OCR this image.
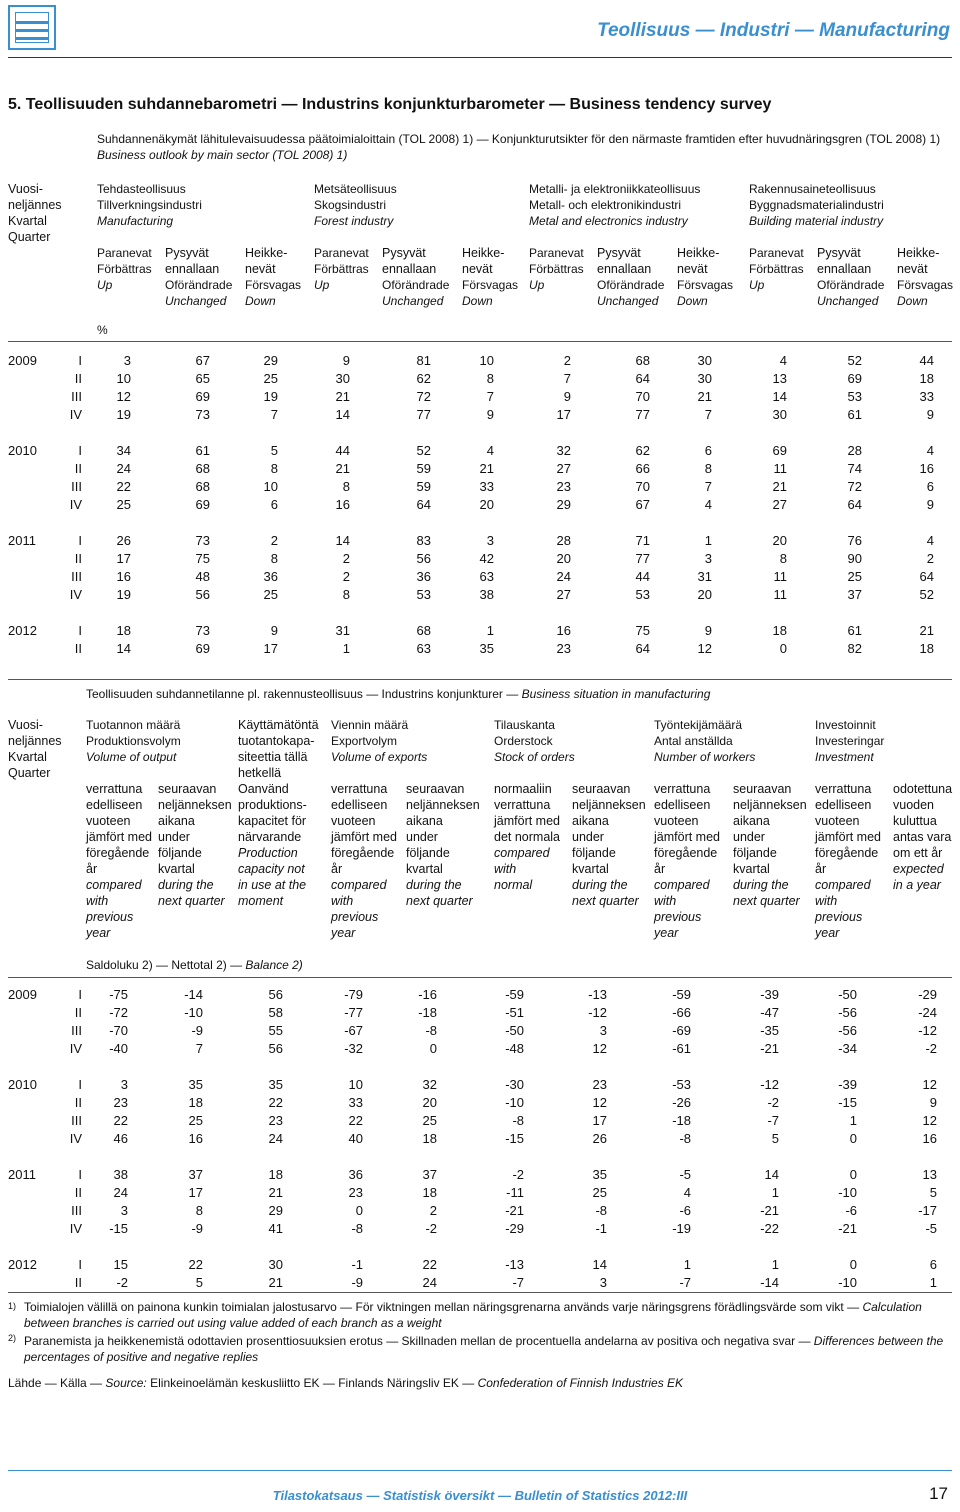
Teollisuus — Industri — Manufacturing
5. Teollisuuden suhdannebarometri — Industrins konjunkturbarometer — Business tendency survey
Suhdannenäkymät lähitulevaisuudessa päätoimialoittain (TOL 2008) 1) — Konjunkturutsikter för den närmaste framtiden efter huvudnäringsgren (TOL 2008) 1)
Business outlook by main sector (TOL 2008) 1)
Vuosi-
neljännes
Kvartal
Quarter
Tehdasteollisuus
Tillverkningsindustri
Manufacturing
Paranevat
Förbättras
Up
Pysyvät ennallaan
Oförändrade
Unchanged
Heikke-
nevät
Försvagas
Down
Metsäteollisuus
Skogsindustri
Forest industry
Paranevat
Förbättras
Up
Pysyvät ennallaan
Oförändrade
Unchanged
Heikke-
nevät
Försvagas
Down
Metalli- ja elektroniikkateollisuus
Metall- och elektronikindustri
Metal and electronics industry
Paranevat
Förbättras
Up
Pysyvät ennallaan
Oförändrade
Unchanged
Heikke-
nevät
Försvagas
Down
Rakennusaineteollisuus
Byggnadsmaterialindustri
Building material industry
Paranevat
Förbättras
Up
Pysyvät ennallaan
Oförändrade
Unchanged
Heikke-
nevät
Försvagas
Down
%
2009	I	3	67	29	9	81	10	2	68	30	4	52	44
II	10	65	25	30	62	8	7	64	30	13	69	18
III	12	69	19	21	72	7	9	70	21	14	53	33
IV	19	73	7	14	77	9	17	77	7	30	61	9
2010	I	34	61	5	44	52	4	32	62	6	69	28	4
II	24	68	8	21	59	21	27	66	8	11	74	16
III	22	68	10	8	59	33	23	70	7	21	72	6
IV	25	69	6	16	64	20	29	67	4	27	64	9
2011	I	26	73	2	14	83	3	28	71	1	20	76	4
II	17	75	8	2	56	42	20	77	3	8	90	2
III	16	48	36	2	36	63	24	44	31	11	25	64
IV	19	56	25	8	53	38	27	53	20	11	37	52
2012	I	18	73	9	31	68	1	16	75	9	18	61	21
II	14	69	17	1	63	35	23	64	12	0	82	18
Teollisuuden suhdannetilanne pl. rakennusteollisuus — Industrins konjunkturer — Business situation in manufacturing
Vuosi-
neljännes
Kvartal
Quarter
Tuotannon määrä
Produktionsvolym
Volume of output
Käyttämätöntä
tuotantokapa-
siteettia tällä
hetkellä
Oanvänd
produktions-
kapacitet för
närvarande
Production
capacity not
in use at the
moment
Viennin määrä
Exportvolym
Volume of exports
Tilauskanta
Orderstock
Stock of orders
Työntekijämäärä
Antal anställda
Number of workers
Investoinnit
Investeringar
Investment
verrattuna
edelliseen
vuoteen
jämfört med
föregående
år
compared
with
previous
year
seuraavan
neljänneksen
aikana
under
följande
kvartal
during the
next quarter
verrattuna
edelliseen
vuoteen
jämfört med
föregående
år
compared
with
previous
year
seuraavan
neljänneksen
aikana
under
följande
kvartal
during the
next quarter
normaaliin
verrattuna
jämfört med
det normala
compared
with
normal
seuraavan
neljänneksen
aikana
under
följande
kvartal
during the
next quarter
verrattuna
edelliseen
vuoteen
jämfört med
föregående
år
compared
with
previous
year
seuraavan
neljänneksen
aikana
under
följande
kvartal
during the
next quarter
verrattuna
edelliseen
vuoteen
jämfört med
föregående
år
compared
with
previous
year
odotettuna
vuoden
kuluttua
antas vara
om ett år
expected
in a year
Saldoluku 2) — Nettotal 2) — Balance 2)
2009	I	-75	-14	56	-79	-16	-59	-13	-59	-39	-50	-29
II	-72	-10	58	-77	-18	-51	-12	-66	-47	-56	-24
III	-70	-9	55	-67	-8	-50	3	-69	-35	-56	-12
IV	-40	7	56	-32	0	-48	12	-61	-21	-34	-2
2010	I	3	35	35	10	32	-30	23	-53	-12	-39	12
II	23	18	22	33	20	-10	12	-26	-2	-15	9
III	22	25	23	22	25	-8	17	-18	-7	1	12
IV	46	16	24	40	18	-15	26	-8	5	0	16
2011	I	38	37	18	36	37	-2	35	-5	14	0	13
II	24	17	21	23	18	-11	25	4	1	-10	5
III	3	8	29	0	2	-21	-8	-6	-21	-6	-17
IV	-15	-9	41	-8	-2	-29	-1	-19	-22	-21	-5
2012	I	15	22	30	-1	22	-13	14	1	1	0	6
II	-2	5	21	-9	24	-7	3	-7	-14	-10	1
1) Toimialojen välillä on painona kunkin toimialan jalostusarvo — För viktningen mellan näringsgrenarna används varje näringsgrens förädlingsvärde som vikt — Calculation between branches is carried out using value added of each branch as a weight
2) Paranemista ja heikkenemistä odottavien prosenttiosuuksien erotus — Skillnaden mellan de procentuella andelarna av positiva och negativa svar — Differences between the percentages of positive and negative replies
Lähde — Källa — Source: Elinkeinoelämän keskusliitto EK — Finlands Näringsliv EK — Confederation of Finnish Industries EK
Tilastokatsaus — Statistisk översikt — Bulletin of Statistics 2012:III	17
